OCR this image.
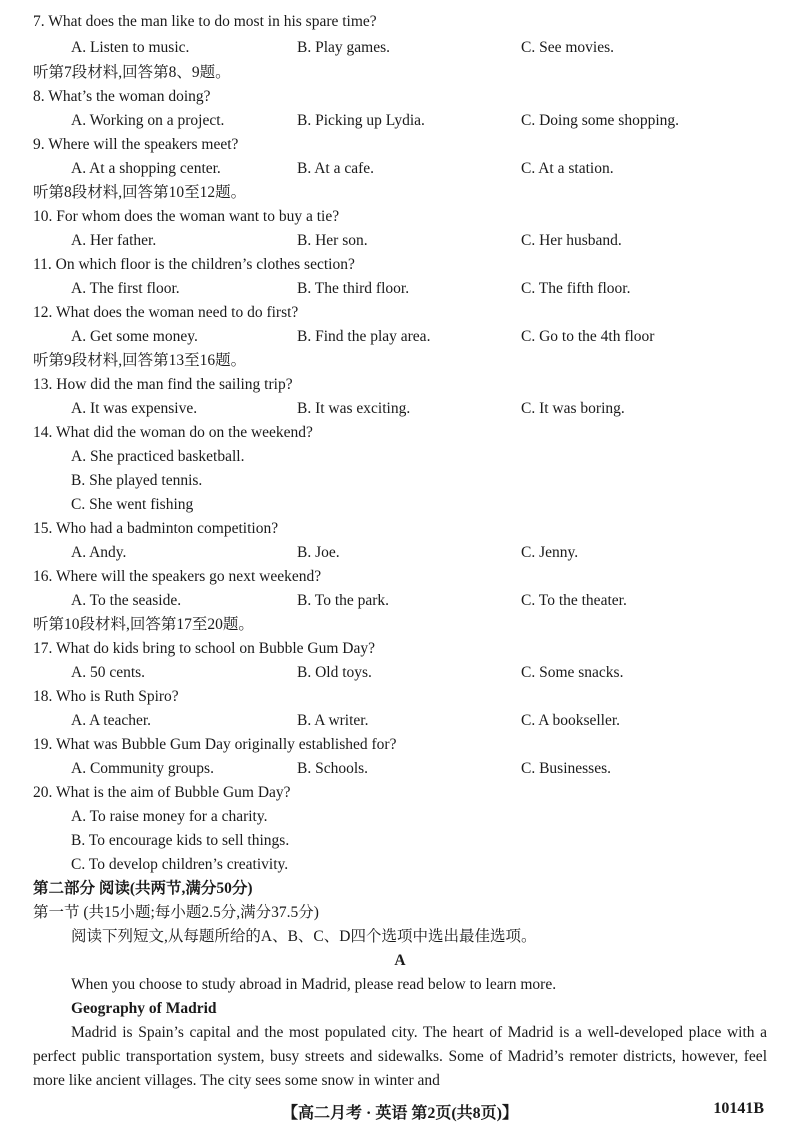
7. What does the man like to do most in his spare time?
A. Listen to music.	B. Play games.	C. See movies.
听第7段材料,回答第8、9题。
8. What’s the woman doing?
A. Working on a project.	B. Picking up Lydia.	C. Doing some shopping.
9. Where will the speakers meet?
A. At a shopping center.	B. At a cafe.	C. At a station.
听第8段材料,回答第10至12题。
10. For whom does the woman want to buy a tie?
A. Her father.	B. Her son.	C. Her husband.
11. On which floor is the children’s clothes section?
A. The first floor.	B. The third floor.	C. The fifth floor.
12. What does the woman need to do first?
A. Get some money.	B. Find the play area.	C. Go to the 4th floor
听第9段材料,回答第13至16题。
13. How did the man find the sailing trip?
A. It was expensive.	B. It was exciting.	C. It was boring.
14. What did the woman do on the weekend?
A. She practiced basketball.
B. She played tennis.
C. She went fishing
15. Who had a badminton competition?
A. Andy.	B. Joe.	C. Jenny.
16. Where will the speakers go next weekend?
A. To the seaside.	B. To the park.	C. To the theater.
听第10段材料,回答第17至20题。
17. What do kids bring to school on Bubble Gum Day?
A. 50 cents.	B. Old toys.	C. Some snacks.
18. Who is Ruth Spiro?
A. A teacher.	B. A writer.	C. A bookseller.
19. What was Bubble Gum Day originally established for?
A. Community groups.	B. Schools.	C. Businesses.
20. What is the aim of Bubble Gum Day?
A. To raise money for a charity.
B. To encourage kids to sell things.
C. To develop children’s creativity.
第二部分 阅读(共两节,满分50分)
第一节 (共15小题;每小题2.5分,满分37.5分)
阅读下列短文,从每题所给的A、B、C、D四个选项中选出最佳选项。
A
When you choose to study abroad in Madrid, please read below to learn more.
Geography of Madrid
Madrid is Spain’s capital and the most populated city. The heart of Madrid is a well-developed place with a perfect public transportation system, busy streets and sidewalks. Some of Madrid’s remoter districts, however, feel more like ancient villages. The city sees some snow in winter and
【高二月考 · 英语 第2页(共8页)】	10141B
